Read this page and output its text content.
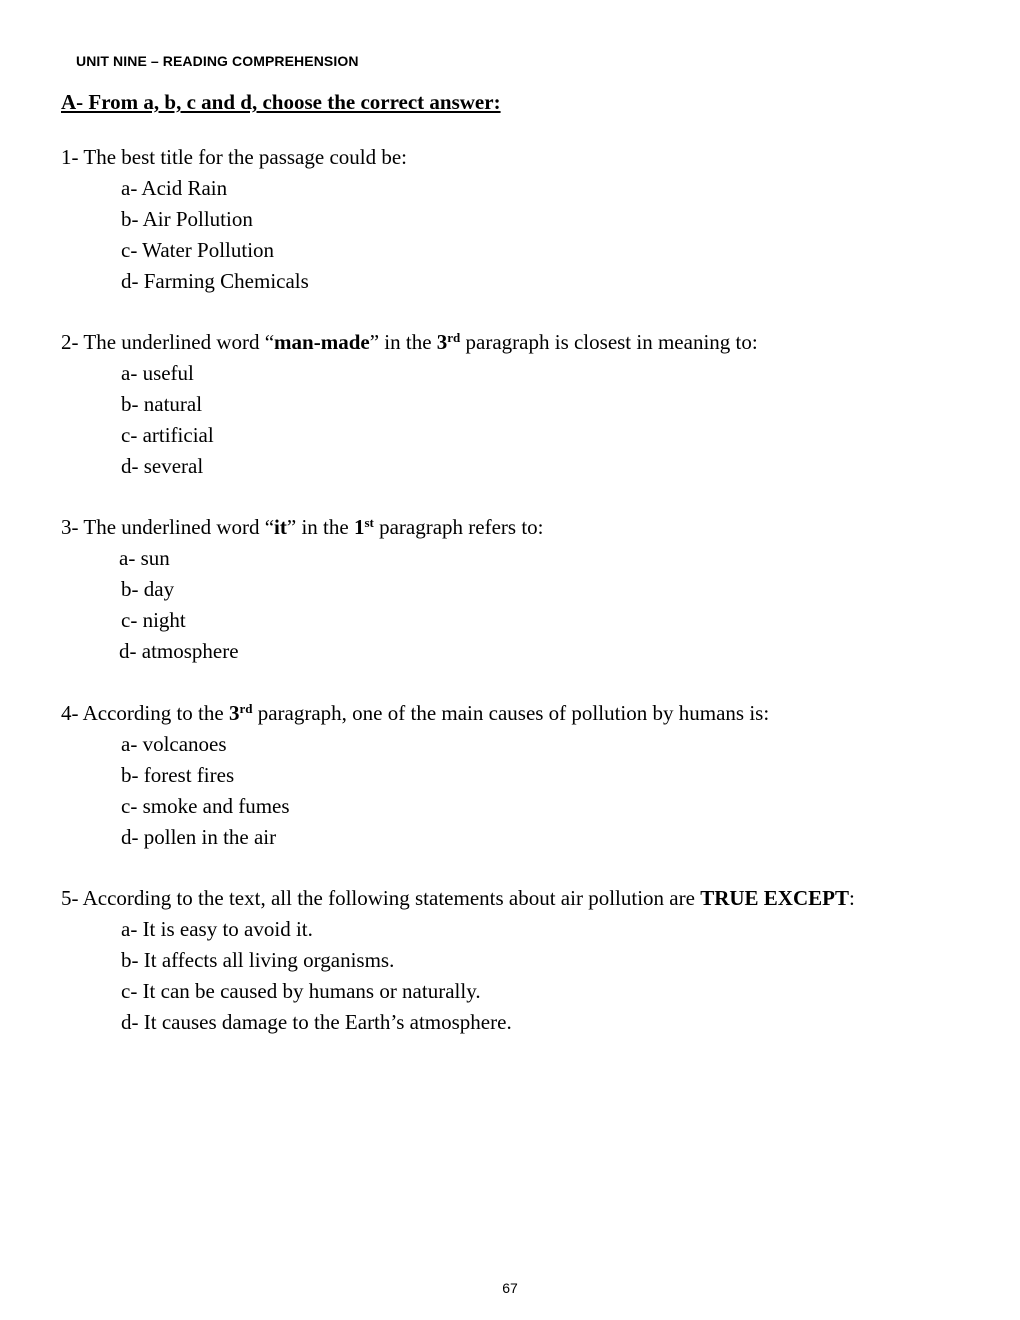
UNIT NINE – READING COMPREHENSION
A- From a, b, c and d, choose the correct answer:
1- The best title for the passage could be:
a- Acid Rain
b- Air Pollution
c- Water Pollution
d- Farming Chemicals
2- The underlined word “man-made” in the 3rd paragraph is closest in meaning to:
a- useful
b- natural
c- artificial
d- several
3- The underlined word “it” in the 1st paragraph refers to:
a- sun
b- day
c- night
d- atmosphere
4- According to the 3rd paragraph, one of the main causes of pollution by humans is:
a- volcanoes
b- forest fires
c- smoke and fumes
d- pollen in the air
5- According to the text, all the following statements about air pollution are TRUE EXCEPT:
a- It is easy to avoid it.
b- It affects all living organisms.
c- It can be caused by humans or naturally.
d- It causes damage to the Earth’s atmosphere.
67
